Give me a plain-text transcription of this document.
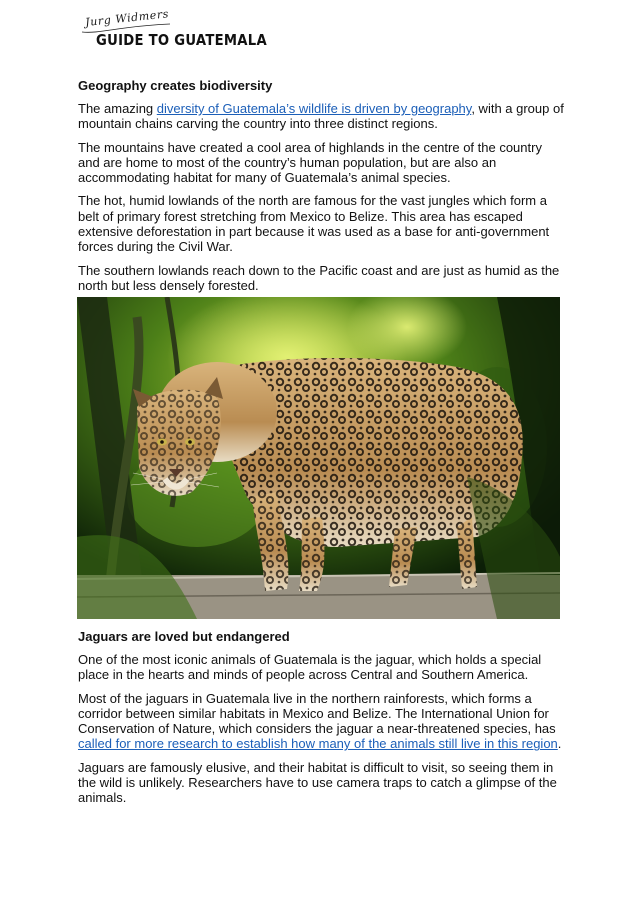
Jurg Widmers
GUIDE TO GUATEMALA
Geography creates biodiversity

The amazing diversity of Guatemala’s wildlife is driven by geography, with a group of mountain chains carving the country into three distinct regions.

The mountains have created a cool area of highlands in the centre of the country and are home to most of the country’s human population, but are also an accommodating habitat for many of Guatemala’s animal species.

The hot, humid lowlands of the north are famous for the vast jungles which form a belt of primary forest stretching from Mexico to Belize. This area has escaped extensive deforestation in part because it was used as a base for anti-government forces during the Civil War.

The southern lowlands reach down to the Pacific coast and are just as humid as the north but less densely forested.

Jaguars are loved but endangered

One of the most iconic animals of Guatemala is the jaguar, which holds a special place in the hearts and minds of people across Central and Southern America.

Most of the jaguars in Guatemala live in the northern rainforests, which forms a corridor between similar habitats in Mexico and Belize. The International Union for Conservation of Nature, which considers the jaguar a near-threatened species, has called for more research to establish how many of the animals still live in this region.

Jaguars are famously elusive, and their habitat is difficult to visit, so seeing them in the wild is unlikely. Researchers have to use camera traps to catch a glimpse of the animals.
